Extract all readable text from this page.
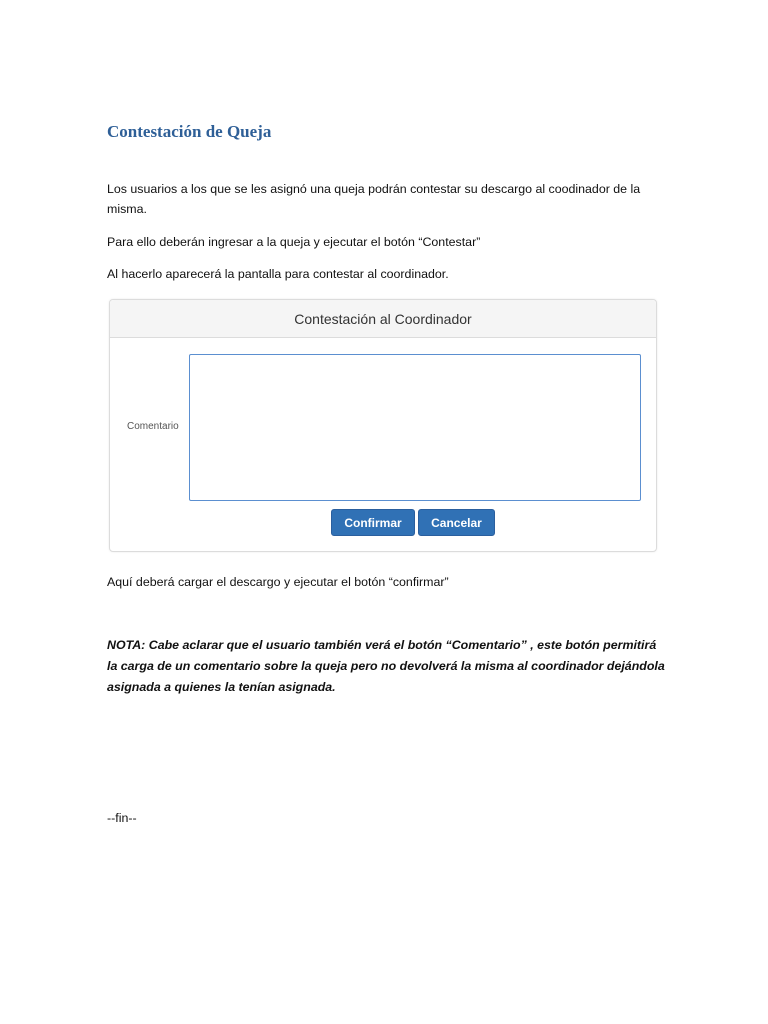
Contestación de Queja
Los usuarios a los que se les asignó una queja podrán contestar su descargo al coodinador de la misma.
Para ello deberán ingresar a la queja y ejecutar el botón “Contestar”
Al hacerlo aparecerá la pantalla para contestar al coordinador.
Contestación al Coordinador
Comentario
Confirmar	Cancelar
Aquí deberá cargar el descargo y ejecutar el botón “confirmar”
NOTA: Cabe aclarar que el usuario también verá el botón “Comentario” , este botón permitirá la carga de un comentario sobre la queja pero no devolverá la misma al coordinador dejándola asignada a quienes la tenían asignada.
--fin--
